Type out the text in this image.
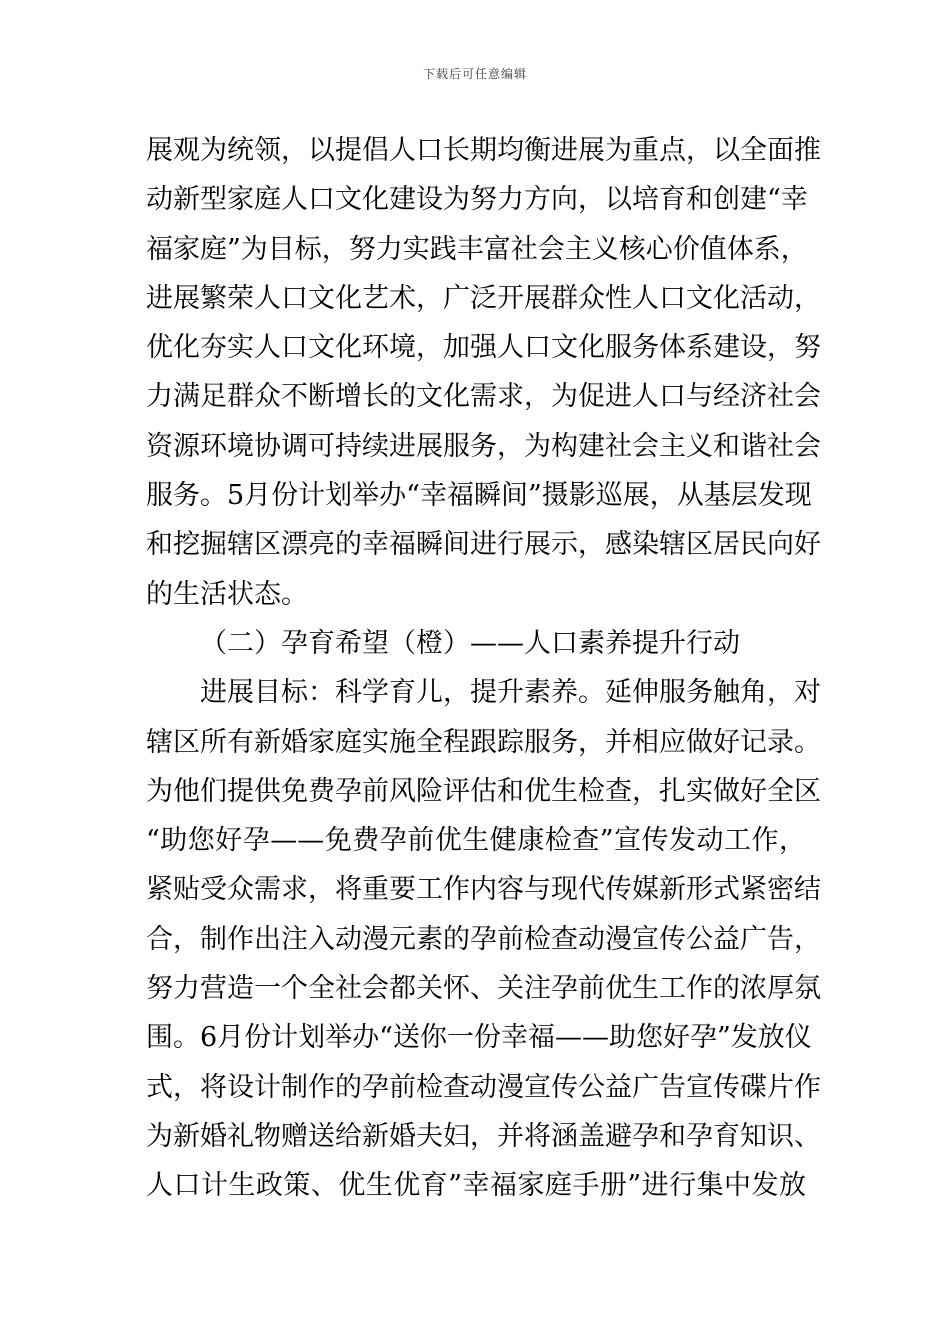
下载后可任意编辑
展观为统领，以提倡人口长期均衡进展为重点，以全面推
动新型家庭人口文化建设为努力方向，以培育和创建“幸
福家庭”为目标，努力实践丰富社会主义核心价值体系，
进展繁荣人口文化艺术，广泛开展群众性人口文化活动，
优化夯实人口文化环境，加强人口文化服务体系建设，努
力满足群众不断增长的文化需求，为促进人口与经济社会
资源环境协调可持续进展服务，为构建社会主义和谐社会
服务。5月份计划举办“幸福瞬间”摄影巡展，从基层发现
和挖掘辖区漂亮的幸福瞬间进行展示，感染辖区居民向好
的生活状态。
（二）孕育希望（橙）——人口素养提升行动
进展目标：科学育儿，提升素养。延伸服务触角，对
辖区所有新婚家庭实施全程跟踪服务，并相应做好记录。
为他们提供免费孕前风险评估和优生检查，扎实做好全区
“助您好孕——免费孕前优生健康检查”宣传发动工作，
紧贴受众需求，将重要工作内容与现代传媒新形式紧密结
合，制作出注入动漫元素的孕前检查动漫宣传公益广告，
努力营造一个全社会都关怀、关注孕前优生工作的浓厚氛
围。6月份计划举办“送你一份幸福——助您好孕”发放仪
式，将设计制作的孕前检查动漫宣传公益广告宣传碟片作
为新婚礼物赠送给新婚夫妇，并将涵盖避孕和孕育知识、
人口计生政策、优生优育”幸福家庭手册”进行集中发放
